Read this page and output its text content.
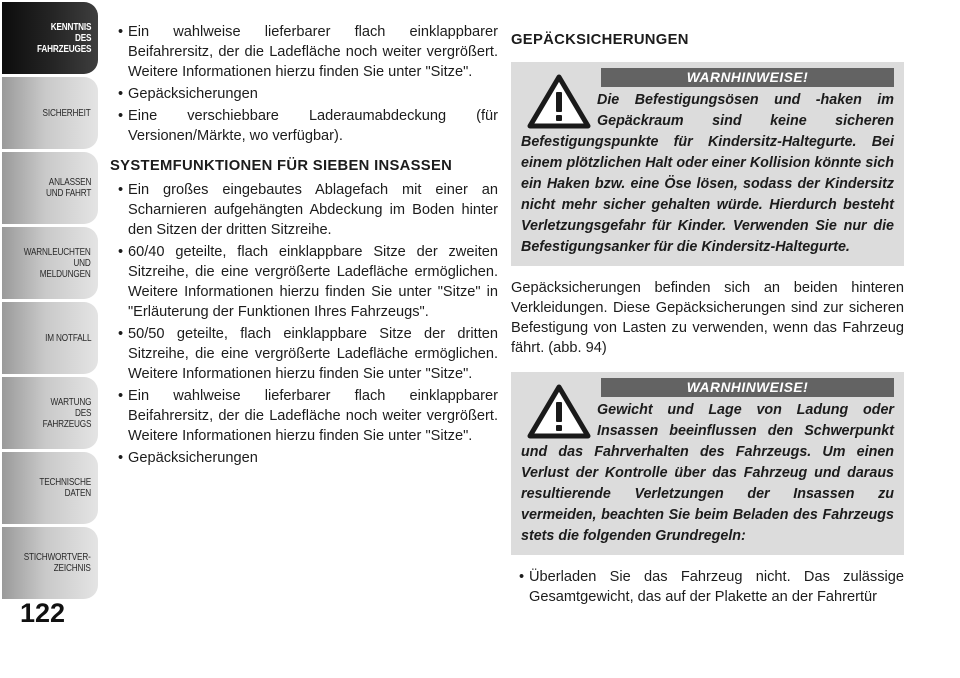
KENNTNIS
DES
FAHRZEUGES
SICHERHEIT
ANLASSEN
UND FAHRT
WARNLEUCHTEN
UND
MELDUNGEN
IM NOTFALL
WARTUNG
DES
FAHRZEUGS
TECHNISCHE
DATEN
STICHWORTVER-
ZEICHNIS
122

• Ein wahlweise lieferbarer flach einklappbarer Beifahrersitz, der die Ladefläche noch weiter vergrößert. Weitere Informationen hierzu finden Sie unter "Sitze".

• Gepäcksicherungen

• Eine verschiebbare Laderaumabdeckung (für Versionen/Märkte, wo verfügbar).

SYSTEMFUNKTIONEN FÜR SIEBEN INSASSEN

• Ein großes eingebautes Ablagefach mit einer an Scharnieren aufgehängten Abdeckung im Boden hinter den Sitzen der dritten Sitzreihe.

• 60/40 geteilte, flach einklappbare Sitze der zweiten Sitzreihe, die eine vergrößerte Ladefläche ermöglichen. Weitere Informationen hierzu finden Sie unter "Sitze" in "Erläuterung der Funktionen Ihres Fahrzeugs".

• 50/50 geteilte, flach einklappbare Sitze der dritten Sitzreihe, die eine vergrößerte Ladefläche ermöglichen. Weitere Informationen hierzu finden Sie unter "Sitze".

• Ein wahlweise lieferbarer flach einklappbarer Beifahrersitz, der die Ladefläche noch weiter vergrößert. Weitere Informationen hierzu finden Sie unter "Sitze".

• Gepäcksicherungen

GEPÄCKSICHERUNGEN
WARNHINWEISE!
Die Befestigungsösen und -haken im Gepäckraum sind keine sicheren Befestigungspunkte für Kindersitz-Haltegurte. Bei einem plötzlichen Halt oder einer Kollision könnte sich ein Haken bzw. eine Öse lösen, sodass der Kindersitz nicht mehr sicher gehalten würde. Hierdurch besteht Verletzungsgefahr für Kinder. Verwenden Sie nur die Befestigungsanker für die Kindersitz-Haltegurte.

Gepäcksicherungen befinden sich an beiden hinteren Verkleidungen. Diese Gepäcksicherungen sind zur sicheren Befestigung von Lasten zu verwenden, wenn das Fahrzeug fährt. (abb. 94)

WARNHINWEISE!
Gewicht und Lage von Ladung oder Insassen beeinflussen den Schwerpunkt und das Fahrverhalten des Fahrzeugs. Um einen Verlust der Kontrolle über das Fahrzeug und daraus resultierende Verletzungen der Insassen zu vermeiden, beachten Sie beim Beladen des Fahrzeugs stets die folgenden Grundregeln:

• Überladen Sie das Fahrzeug nicht. Das zulässige Gesamtgewicht, das auf der Plakette an der Fahrertür
